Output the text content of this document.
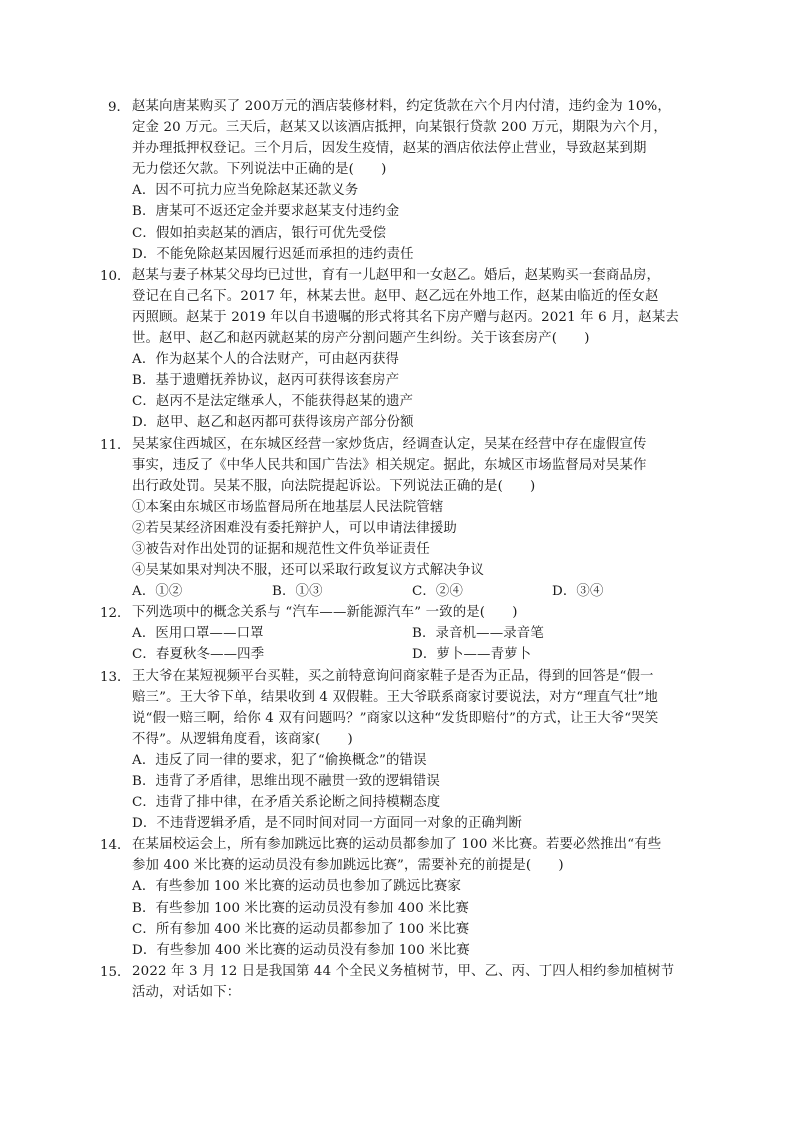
9． 赵某向唐某购买了 200万元的酒店装修材料，约定货款在六个月内付清，违约金为 10%，
定金 20 万元。三天后，赵某又以该酒店抵押，向某银行贷款 200 万元，期限为六个月，
并办理抵押权登记。三个月后，因发生疫情，赵某的酒店依法停止营业，导致赵某到期
无力偿还欠款。下列说法中正确的是(　　)
A．因不可抗力应当免除赵某还款义务
B．唐某可不返还定金并要求赵某支付违约金
C．假如拍卖赵某的酒店，银行可优先受偿
D．不能免除赵某因履行迟延而承担的违约责任
10． 赵某与妻子林某父母均已过世，育有一儿赵甲和一女赵乙。婚后，赵某购买一套商品房，
登记在自己名下。2017 年，林某去世。赵甲、赵乙远在外地工作，赵某由临近的侄女赵
丙照顾。赵某于 2019 年以自书遗嘱的形式将其名下房产赠与赵丙。2021 年 6 月，赵某去
世。赵甲、赵乙和赵丙就赵某的房产分割问题产生纠纷。关于该套房产(　　)
A．作为赵某个人的合法财产，可由赵丙获得
B．基于遗赠抚养协议，赵丙可获得该套房产
C．赵丙不是法定继承人，不能获得赵某的遗产
D．赵甲、赵乙和赵丙都可获得该房产部分份额
11． 吴某家住西城区，在东城区经营一家炒货店，经调查认定，吴某在经营中存在虚假宣传
事实，违反了《中华人民共和国广告法》相关规定。据此，东城区市场监督局对吴某作
出行政处罚。吴某不服，向法院提起诉讼。下列说法正确的是(　　)
①本案由东城区市场监督局所在地基层人民法院管辖
②若吴某经济困难没有委托辩护人，可以申请法律援助
③被告对作出处罚的证据和规范性文件负举证责任
④吴某如果对判决不服，还可以采取行政复议方式解决争议
A．①②	B．①③	C．②④	D．③④
12． 下列选项中的概念关系与 “汽车——新能源汽车” 一致的是(　　)
A．医用口罩——口罩	B．录音机——录音笔
C．春夏秋冬——四季	D．萝卜——青萝卜
13． 王大爷在某短视频平台买鞋，买之前特意询问商家鞋子是否为正品，得到的回答是“假一
赔三”。王大爷下单，结果收到 4 双假鞋。王大爷联系商家讨要说法，对方“理直气壮”地
说“假一赔三啊，给你 4 双有问题吗？”商家以这种“发货即赔付”的方式，让王大爷“哭笑
不得”。从逻辑角度看，该商家(　　)
A．违反了同一律的要求，犯了“偷换概念”的错误
B．违背了矛盾律，思维出现不融贯一致的逻辑错误
C．违背了排中律，在矛盾关系论断之间持模糊态度
D．不违背逻辑矛盾，是不同时间对同一方面同一对象的正确判断
14． 在某届校运会上，所有参加跳远比赛的运动员都参加了 100 米比赛。若要必然推出“有些
参加 400 米比赛的运动员没有参加跳远比赛”，需要补充的前提是(　　)
A．有些参加 100 米比赛的运动员也参加了跳远比赛家
B．有些参加 100 米比赛的运动员没有参加 400 米比赛
C．所有参加 400 米比赛的运动员都参加了 100 米比赛
D．有些参加 400 米比赛的运动员没有参加 100 米比赛
15． 2022 年 3 月 12 日是我国第 44 个全民义务植树节，甲、乙、丙、丁四人相约参加植树节
活动，对话如下：
